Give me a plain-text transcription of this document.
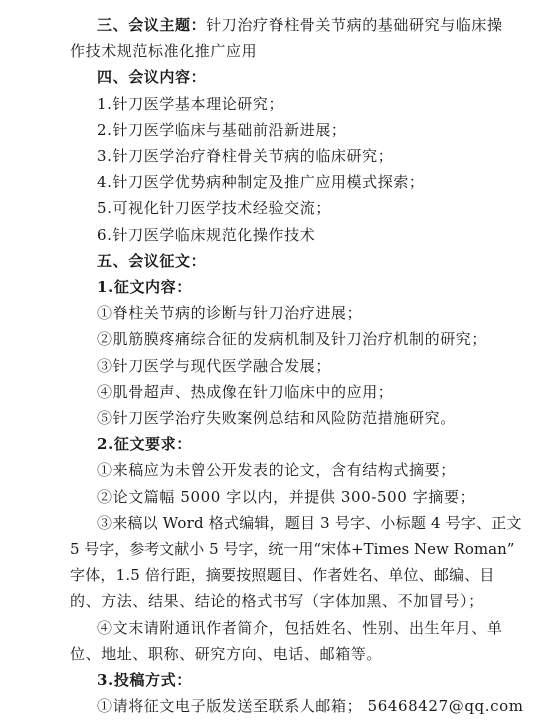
三、会议主题：针刀治疗脊柱骨关节病的基础研究与临床操
作技术规范标准化推广应用
四、会议内容：
1.针刀医学基本理论研究；
2.针刀医学临床与基础前沿新进展；
3.针刀医学治疗脊柱骨关节病的临床研究；
4.针刀医学优势病种制定及推广应用模式探索；
5.可视化针刀医学技术经验交流；
6.针刀医学临床规范化操作技术
五、会议征文：
1.征文内容：
①脊柱关节病的诊断与针刀治疗进展；
②肌筋膜疼痛综合征的发病机制及针刀治疗机制的研究；
③针刀医学与现代医学融合发展；
④肌骨超声、热成像在针刀临床中的应用；
⑤针刀医学治疗失败案例总结和风险防范措施研究。
2.征文要求：
①来稿应为未曾公开发表的论文，含有结构式摘要；
②论文篇幅 5000 字以内，并提供 300-500 字摘要；
③来稿以 Word 格式编辑，题目 3 号字、小标题 4 号字、正文
5 号字，参考文献小 5 号字，统一用“宋体+Times New Roman”
字体，1.5 倍行距，摘要按照题目、作者姓名、单位、邮编、目
的、方法、结果、结论的格式书写（字体加黑、不加冒号）；
④文末请附通讯作者简介，包括姓名、性别、出生年月、单
位、地址、职称、研究方向、电话、邮箱等。
3.投稿方式：
①请将征文电子版发送至联系人邮箱； 56468427@qq.com
